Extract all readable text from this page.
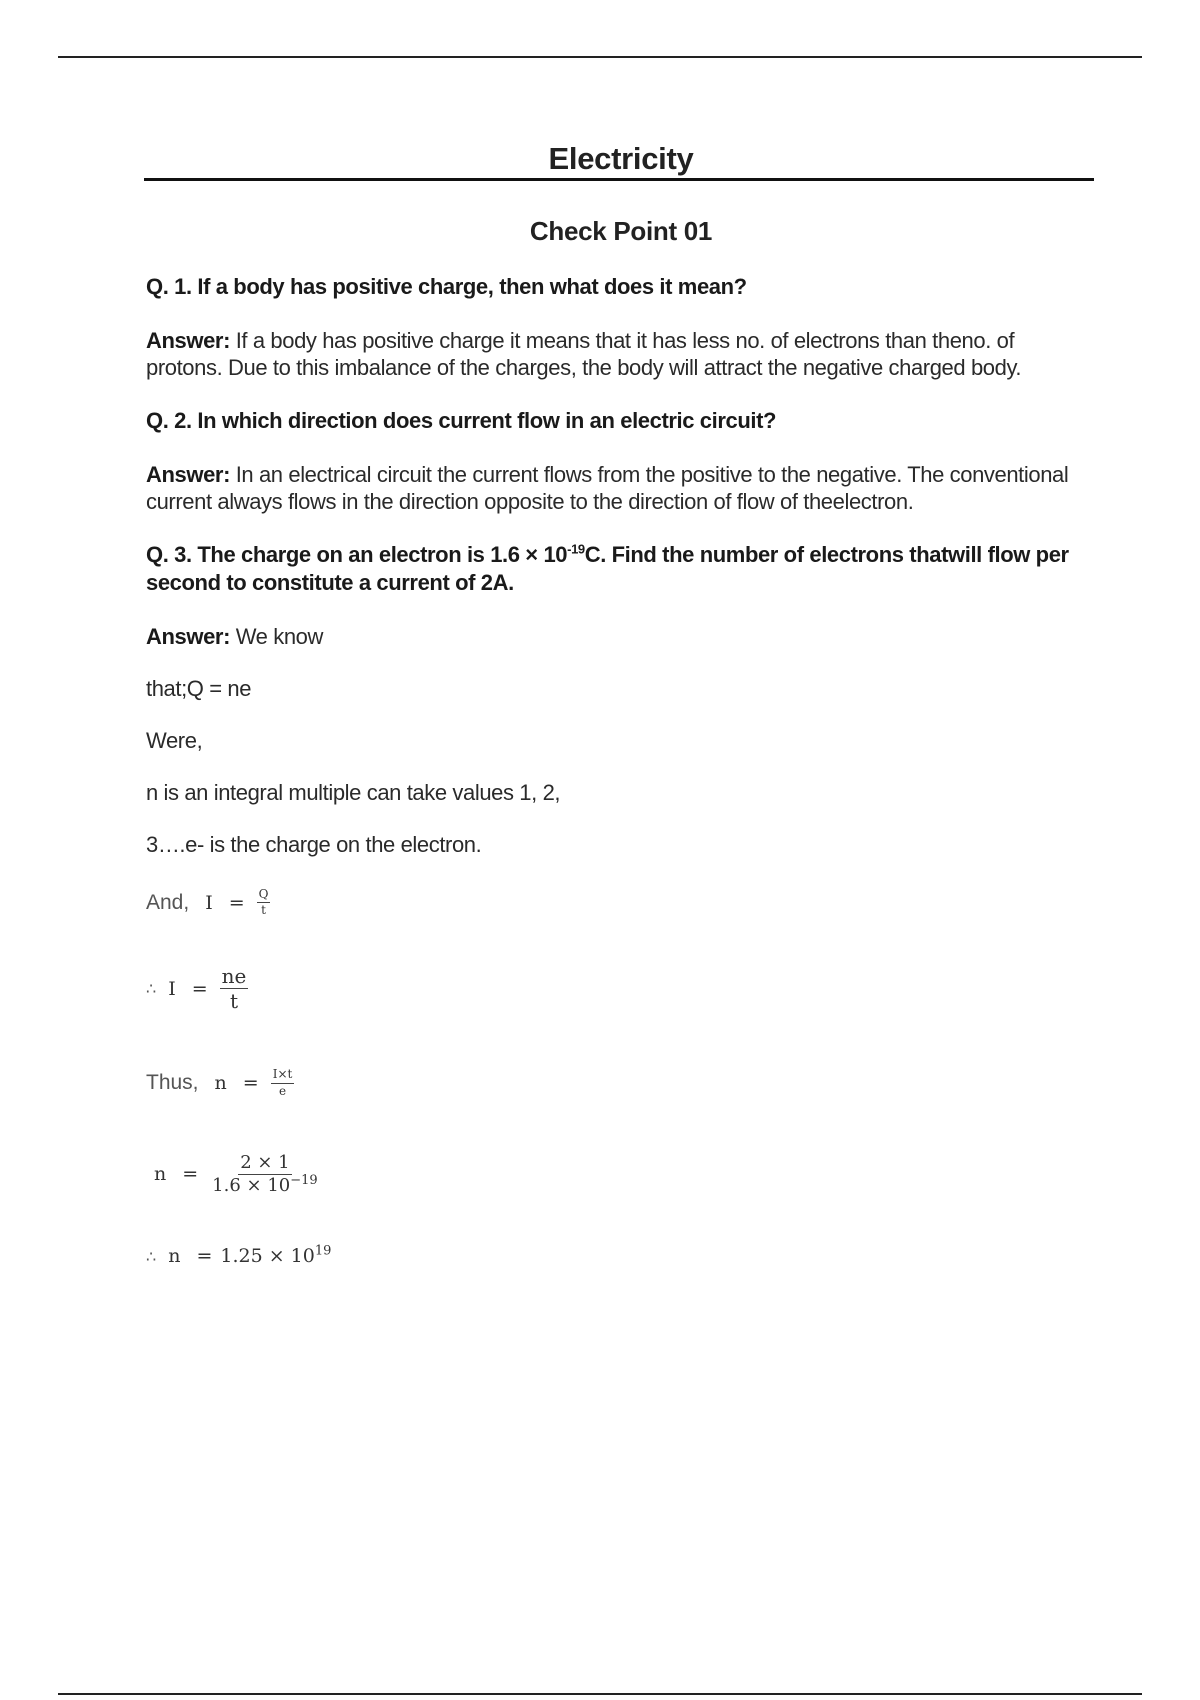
Electricity
Check Point 01

Q. 1. If a body has positive charge, then what does it mean?

Answer: If a body has positive charge it means that it has less no. of electrons than theno. of protons. Due to this imbalance of the charges, the body will attract the negative charged body.

Q. 2. In which direction does current flow in an electric circuit?

Answer: In an electrical circuit the current flows from the positive to the negative. The conventional current always flows in the direction opposite to the direction of flow of theelectron.

Q. 3. The charge on an electron is $1.6 \times 10^{-19}C$. Find the number of electrons thatwill flow per second to constitute a current of 2A.

Answer: We know

that;Q = ne

Were,

n is an integral multiple can take values 1, 2,

3….e- is the charge on the electron.

And, $I = \frac{Q}{t}$
∴ $I = \frac{ne}{t}$
Thus, $n = \frac{I\times t}{e}$
$n = \frac{2 \times 1}{1.6 \times 10^{-19}}$
∴ $n = 1.25 \times 10^{19}$
